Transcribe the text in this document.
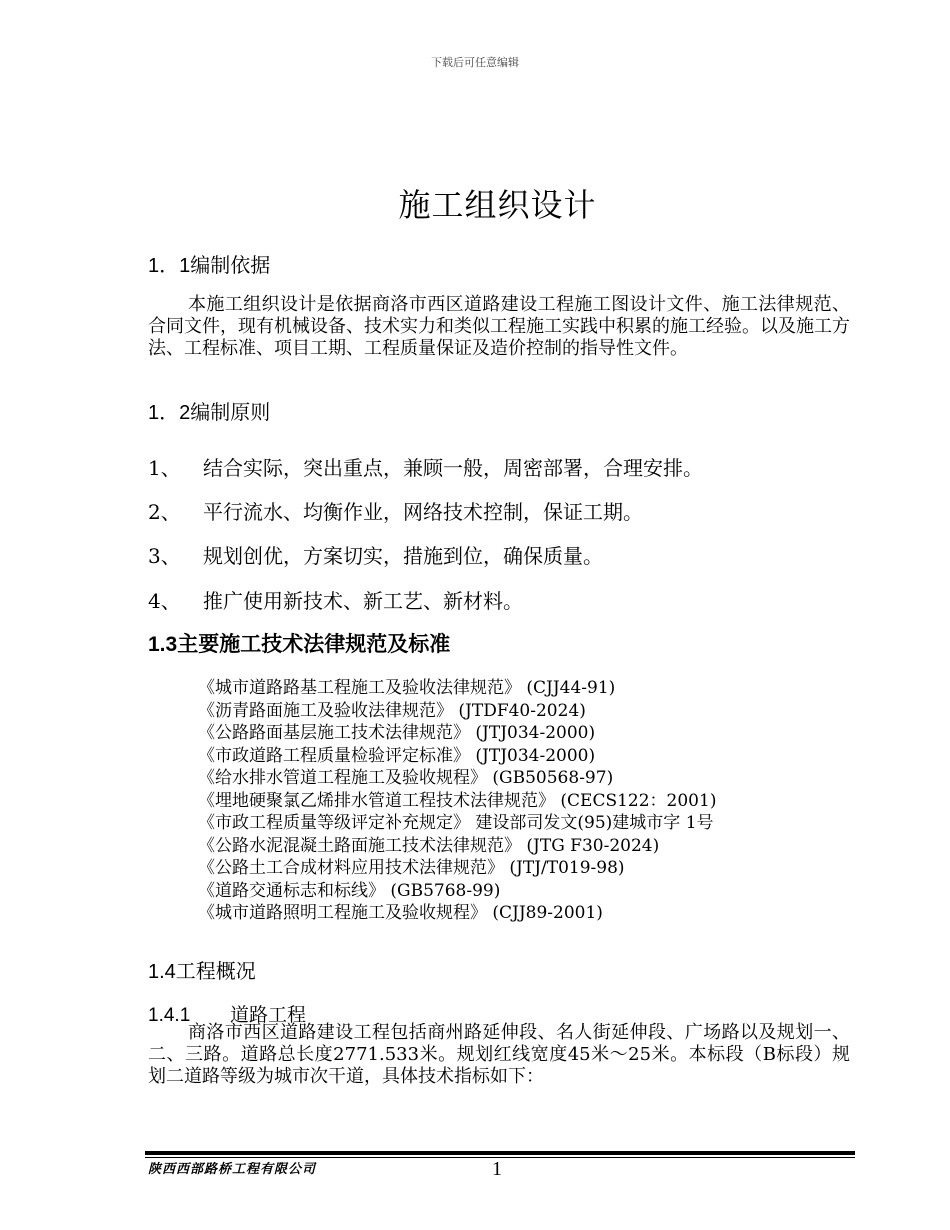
下载后可任意编辑
施工组织设计
1．1编制依据
本施工组织设计是依据商洛市西区道路建设工程施工图设计文件、施工法律规范、合同文件，现有机械设备、技术实力和类似工程施工实践中积累的施工经验。以及施工方法、工程标准、项目工期、工程质量保证及造价控制的指导性文件。
1．2编制原则
1、 结合实际，突出重点，兼顾一般，周密部署，合理安排。
2、 平行流水、均衡作业，网络技术控制，保证工期。
3、 规划创优，方案切实，措施到位，确保质量。
4、 推广使用新技术、新工艺、新材料。
1.3主要施工技术法律规范及标准
《城市道路路基工程施工及验收法律规范》 (CJJ44-91)
《沥青路面施工及验收法律规范》 (JTDF40-2024)
《公路路面基层施工技术法律规范》 (JTJ034-2000)
《市政道路工程质量检验评定标准》 (JTJ034-2000)
《给水排水管道工程施工及验收规程》 (GB50568-97)
《埋地硬聚氯乙烯排水管道工程技术法律规范》 (CECS122：2001)
《市政工程质量等级评定补充规定》 建设部司发文(95)建城市字 1号
《公路水泥混凝土路面施工技术法律规范》 (JTG F30-2024)
《公路土工合成材料应用技术法律规范》 (JTJ/T019-98)
《道路交通标志和标线》 (GB5768-99)
《城市道路照明工程施工及验收规程》 (CJJ89-2001)
1.4工程概况
1.4.1 道路工程
商洛市西区道路建设工程包括商州路延伸段、名人街延伸段、广场路以及规划一、二、三路。道路总长度2771.533米。规划红线宽度45米～25米。本标段（B标段）规划二道路等级为城市次干道，具体技术指标如下：
陕西西部路桥工程有限公司	1
